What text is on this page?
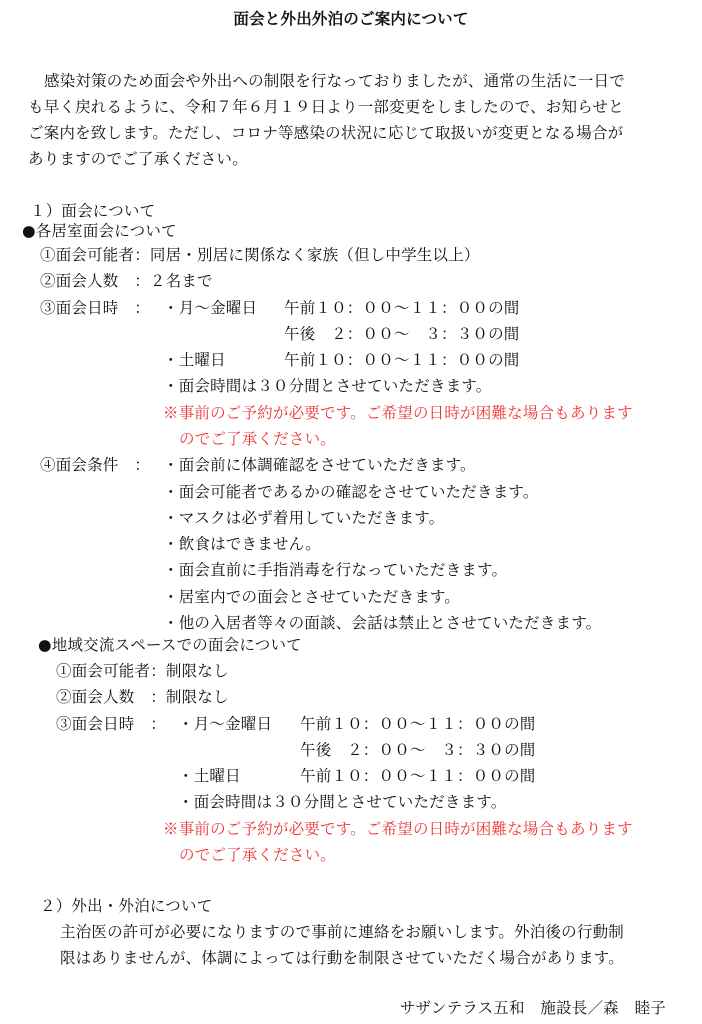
面会と外出外泊のご案内について
感染対策のため面会や外出への制限を行なっておりましたが、通常の生活に一日で
も早く戻れるように、令和７年６月１９日より一部変更をしましたので、お知らせと
ご案内を致します。ただし、コロナ等感染の状況に応じて取扱いが変更となる場合が
ありますのでご了承ください。
１）面会について
●各居室面会について
①面会可能者：同居・別居に関係なく家族（但し中学生以上）
②面会人数　：２名まで
③面会日時　： ・月～金曜日 午前１０：００～１１：００の間
午後　２：００～　３：３０の間
・土曜日	午前１０：００～１１：００の間
・面会時間は３０分間とさせていただきます。
※事前のご予約が必要です。ご希望の日時が困難な場合もあります
のでご了承ください。
④面会条件　： ・面会前に体調確認をさせていただきます。
・面会可能者であるかの確認をさせていただきます。
・マスクは必ず着用していただきます。
・飲食はできません。
・面会直前に手指消毒を行なっていただきます。
・居室内での面会とさせていただきます。
・他の入居者等々の面談、会話は禁止とさせていただきます。
●地域交流スペースでの面会について
①面会可能者：制限なし
②面会人数　：制限なし
③面会日時　： ・月～金曜日 午前１０：００～１１：００の間
午後　２：００～　３：３０の間
・土曜日	午前１０：００～１１：００の間
・面会時間は３０分間とさせていただきます。
※事前のご予約が必要です。ご希望の日時が困難な場合もあります
のでご了承ください。
２）外出・外泊について
主治医の許可が必要になりますので事前に連絡をお願いします。外泊後の行動制
限はありませんが、体調によっては行動を制限させていただく場合があります。
サザンテラス五和　施設長／森　睦子
